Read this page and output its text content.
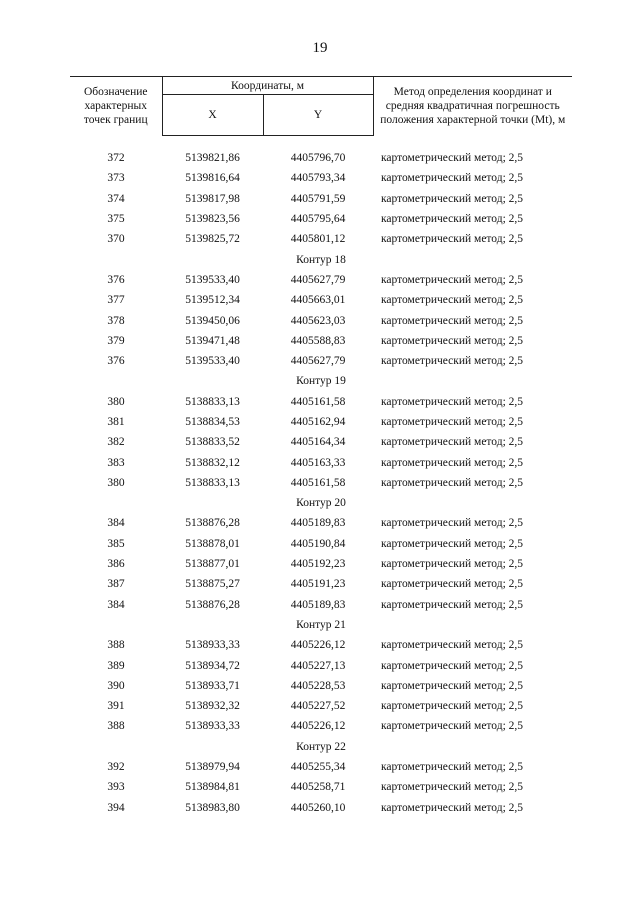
19
Обозначение характерных точек границ	Координаты, м		Метод определения координат и средняя квадратичная погрешность положения характерной точки (Mt), м
	X	Y	

372	5139821,86	4405796,70	картометрический метод; 2,5
373	5139816,64	4405793,34	картометрический метод; 2,5
374	5139817,98	4405791,59	картометрический метод; 2,5
375	5139823,56	4405795,64	картометрический метод; 2,5
370	5139825,72	4405801,12	картометрический метод; 2,5
Контур 18			
376	5139533,40	4405627,79	картометрический метод; 2,5
377	5139512,34	4405663,01	картометрический метод; 2,5
378	5139450,06	4405623,03	картометрический метод; 2,5
379	5139471,48	4405588,83	картометрический метод; 2,5
376	5139533,40	4405627,79	картометрический метод; 2,5
Контур 19			
380	5138833,13	4405161,58	картометрический метод; 2,5
381	5138834,53	4405162,94	картометрический метод; 2,5
382	5138833,52	4405164,34	картометрический метод; 2,5
383	5138832,12	4405163,33	картометрический метод; 2,5
380	5138833,13	4405161,58	картометрический метод; 2,5
Контур 20			
384	5138876,28	4405189,83	картометрический метод; 2,5
385	5138878,01	4405190,84	картометрический метод; 2,5
386	5138877,01	4405192,23	картометрический метод; 2,5
387	5138875,27	4405191,23	картометрический метод; 2,5
384	5138876,28	4405189,83	картометрический метод; 2,5
Контур 21			
388	5138933,33	4405226,12	картометрический метод; 2,5
389	5138934,72	4405227,13	картометрический метод; 2,5
390	5138933,71	4405228,53	картометрический метод; 2,5
391	5138932,32	4405227,52	картометрический метод; 2,5
388	5138933,33	4405226,12	картометрический метод; 2,5
Контур 22			
392	5138979,94	4405255,34	картометрический метод; 2,5
393	5138984,81	4405258,71	картометрический метод; 2,5
394	5138983,80	4405260,10	картометрический метод; 2,5
